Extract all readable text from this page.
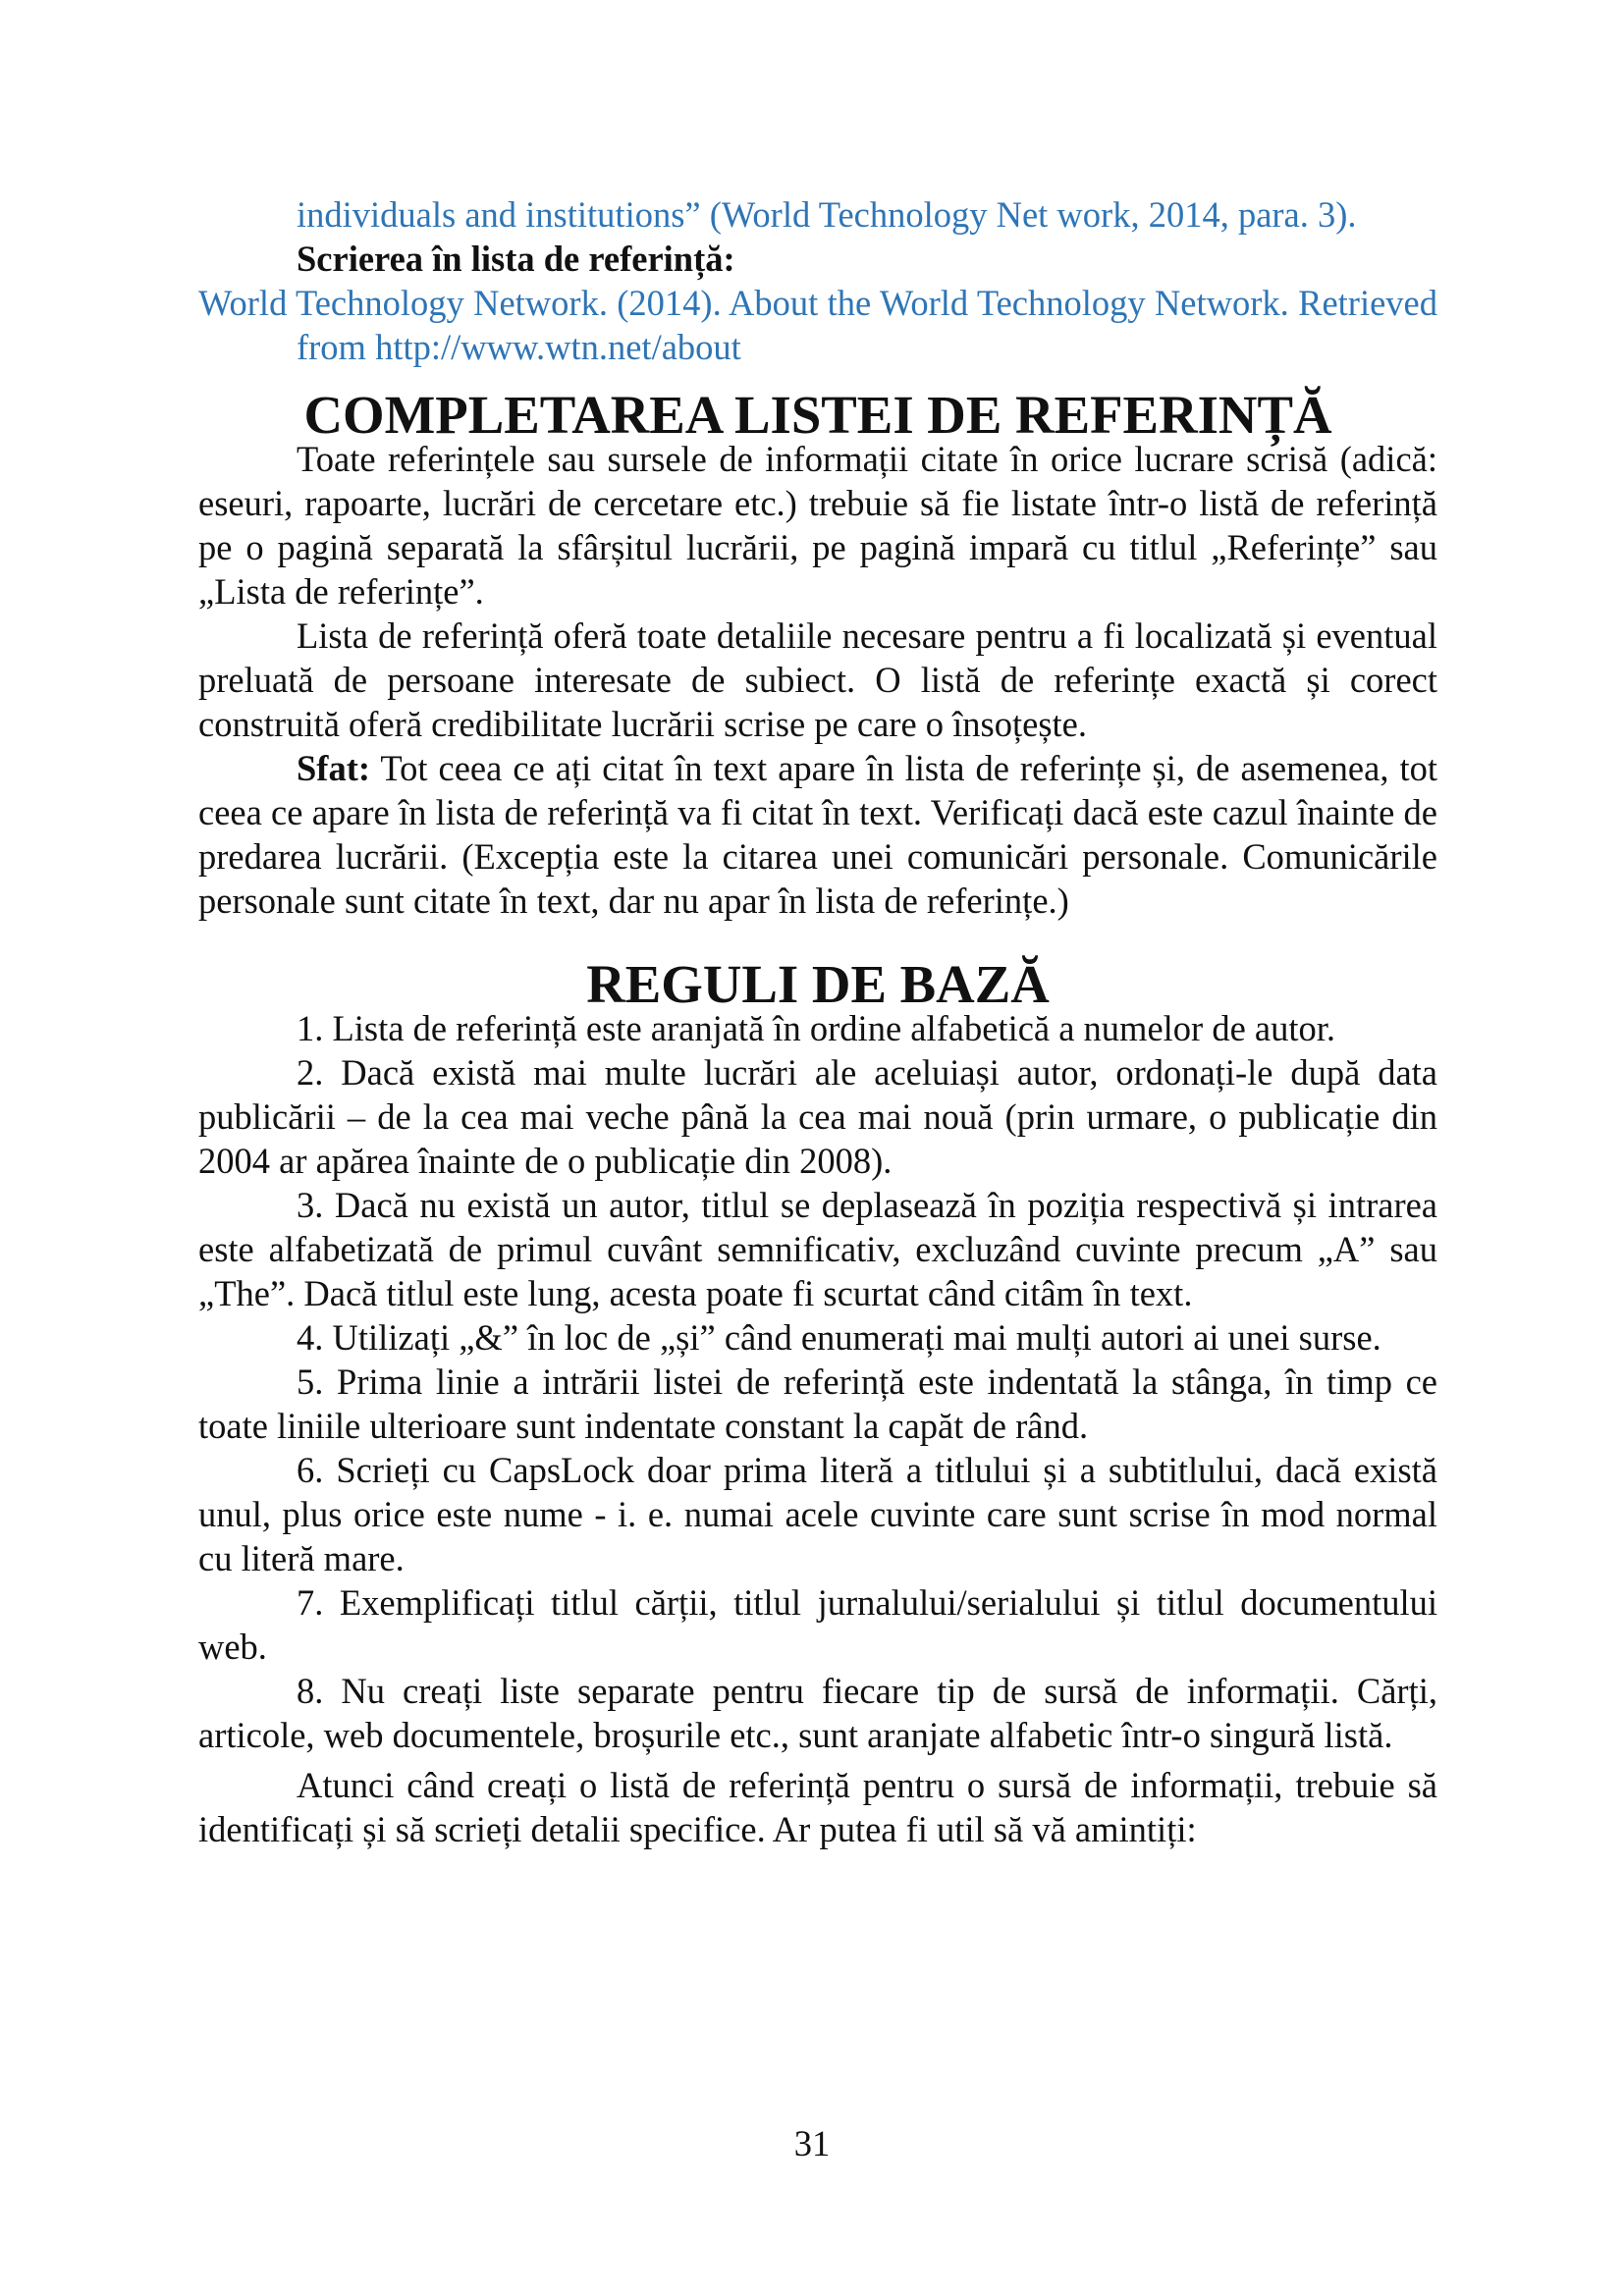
individuals and institutions” (World Technology Net work, 2014, para. 3).

Scrierea în lista de referință:

World Technology Network. (2014). About the World Technology Network. Retrieved from http://www.wtn.net/about

COMPLETAREA LISTEI DE REFERINȚĂ

Toate referințele sau sursele de informații citate în orice lucrare scrisă (adică: eseuri, rapoarte, lucrări de cercetare etc.) trebuie să fie listate într-o listă de referință pe o pagină separată la sfârșitul lucrării, pe pagină impară cu titlul „Referințe” sau „Lista de referințe”.

Lista de referință oferă toate detaliile necesare pentru a fi localizată și eventual preluată de persoane interesate de subiect. O listă de referințe exactă și corect construită oferă credibilitate lucrării scrise pe care o însoțește.

Sfat: Tot ceea ce ați citat în text apare în lista de referințe și, de asemenea, tot ceea ce apare în lista de referință va fi citat în text. Verificați dacă este cazul înainte de predarea lucrării. (Excepția este la citarea unei comunicări personale. Comunicările personale sunt citate în text, dar nu apar în lista de referințe.)

REGULI DE BAZĂ

1. Lista de referință este aranjată în ordine alfabetică a numelor de autor.

2. Dacă există mai multe lucrări ale aceluiași autor, ordonați-le după data publicării – de la cea mai veche până la cea mai nouă (prin urmare, o publicație din 2004 ar apărea înainte de o publicație din 2008).

3. Dacă nu există un autor, titlul se deplasează în poziția respectivă și intrarea este alfabetizată de primul cuvânt semnificativ, excluzând cuvinte precum „A” sau „The”. Dacă titlul este lung, acesta poate fi scurtat când citâm în text.

4. Utilizați „&” în loc de „și” când enumerați mai mulți autori ai unei surse.

5. Prima linie a intrării listei de referință este indentată la stânga, în timp ce toate liniile ulterioare sunt indentate constant la capăt de rând.

6. Scrieți cu CapsLock doar prima literă a titlului și a subtitlului, dacă există unul, plus orice este nume - i. e. numai acele cuvinte care sunt scrise în mod normal cu literă mare.

7. Exemplificați titlul cărții, titlul jurnalului/serialului și titlul documentului web.

8. Nu creați liste separate pentru fiecare tip de sursă de informații. Cărți, articole, web documentele, broșurile etc., sunt aranjate alfabetic într-o singură listă.

Atunci când creați o listă de referință pentru o sursă de informații, trebuie să identificați și să scrieți detalii specifice. Ar putea fi util să vă amintiți:

31
